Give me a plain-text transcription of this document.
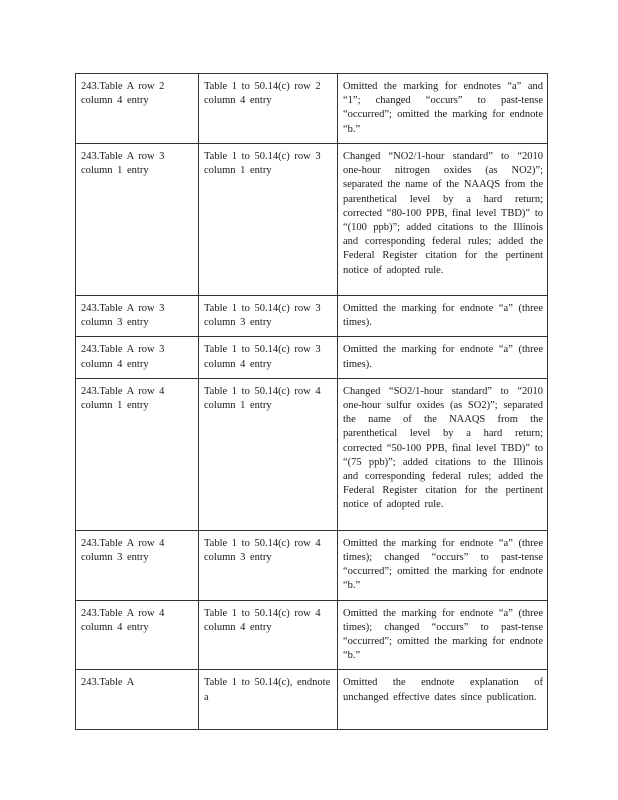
243.Table A row 2 column 4 entry	Table 1 to 50.14(c) row 2 column 4 entry	Omitted the marking for endnotes “a” and “1”; changed “occurs” to past-tense “occurred”; omitted the marking for endnote “b.”
243.Table A row 3 column 1 entry	Table 1 to 50.14(c) row 3 column 1 entry	Changed “NO2/1-hour standard” to “2010 one-hour nitrogen oxides (as NO2)”; separated the name of the NAAQS from the parenthetical level by a hard return; corrected “80-100 PPB, final level TBD)” to “(100 ppb)”; added citations to the Illinois and corresponding federal rules; added the Federal Register citation for the pertinent notice of adopted rule.
243.Table A row 3 column 3 entry	Table 1 to 50.14(c) row 3 column 3 entry	Omitted the marking for endnote “a” (three times).
243.Table A row 3 column 4 entry	Table 1 to 50.14(c) row 3 column 4 entry	Omitted the marking for endnote “a” (three times).
243.Table A row 4 column 1 entry	Table 1 to 50.14(c) row 4 column 1 entry	Changed “SO2/1-hour standard” to “2010 one-hour sulfur oxides (as SO2)”; separated the name of the NAAQS from the parenthetical level by a hard return; corrected “50-100 PPB, final level TBD)” to “(75 ppb)”; added citations to the Illinois and corresponding federal rules; added the Federal Register citation for the pertinent notice of adopted rule.
243.Table A row 4 column 3 entry	Table 1 to 50.14(c) row 4 column 3 entry	Omitted the marking for endnote “a” (three times); changed “occurs” to past-tense “occurred”; omitted the marking for endnote “b.”
243.Table A row 4 column 4 entry	Table 1 to 50.14(c) row 4 column 4 entry	Omitted the marking for endnote “a” (three times); changed “occurs” to past-tense “occurred”; omitted the marking for endnote “b.”
243.Table A	Table 1 to 50.14(c), endnote a	Omitted the endnote explanation of unchanged effective dates since publication.
